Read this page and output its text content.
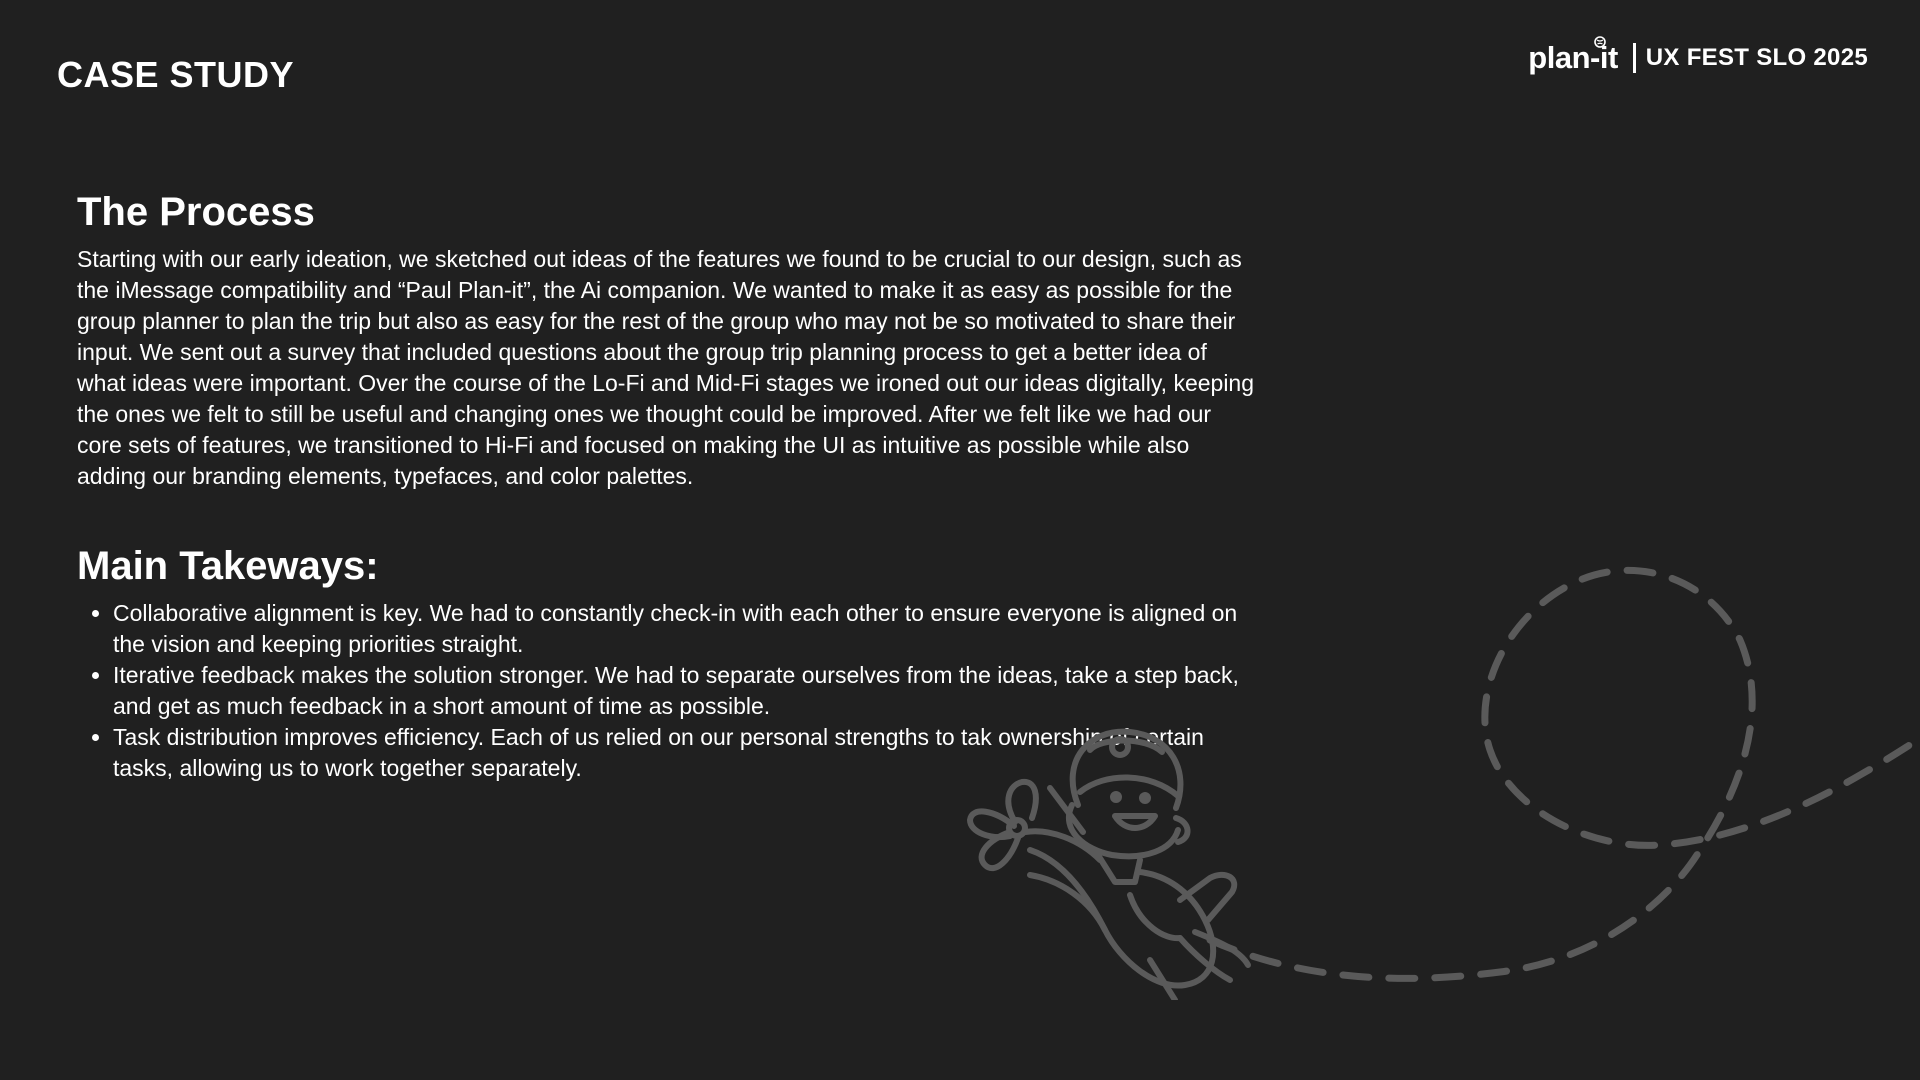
CASE STUDY	plan-it UX FEST SLO 2025
The Process

Starting with our early ideation, we sketched out ideas of the features we found to be crucial to our design, such as the iMessage compatibility and “Paul Plan-it”, the Ai companion. We wanted to make it as easy as possible for the group planner to plan the trip but also as easy for the rest of the group who may not be so motivated to share their input. We sent out a survey that included questions about the group trip planning process to get a better idea of what ideas were important. Over the course of the Lo-Fi and Mid-Fi stages we ironed out our ideas digitally, keeping the ones we felt to still be useful and changing ones we thought could be improved. After we felt like we had our core sets of features, we transitioned to Hi-Fi and focused on making the UI as intuitive as possible while also adding our branding elements, typefaces, and color palettes.

Main Takeways:
• Collaborative alignment is key. We had to constantly check-in with each other to ensure everyone is aligned on the vision and keeping priorities straight.
• Iterative feedback makes the solution stronger. We had to separate ourselves from the ideas, take a step back, and get as much feedback in a short amount of time as possible.
• Task distribution improves efficiency. Each of us relied on our personal strengths to tak ownership of certain tasks, allowing us to work together separately.
